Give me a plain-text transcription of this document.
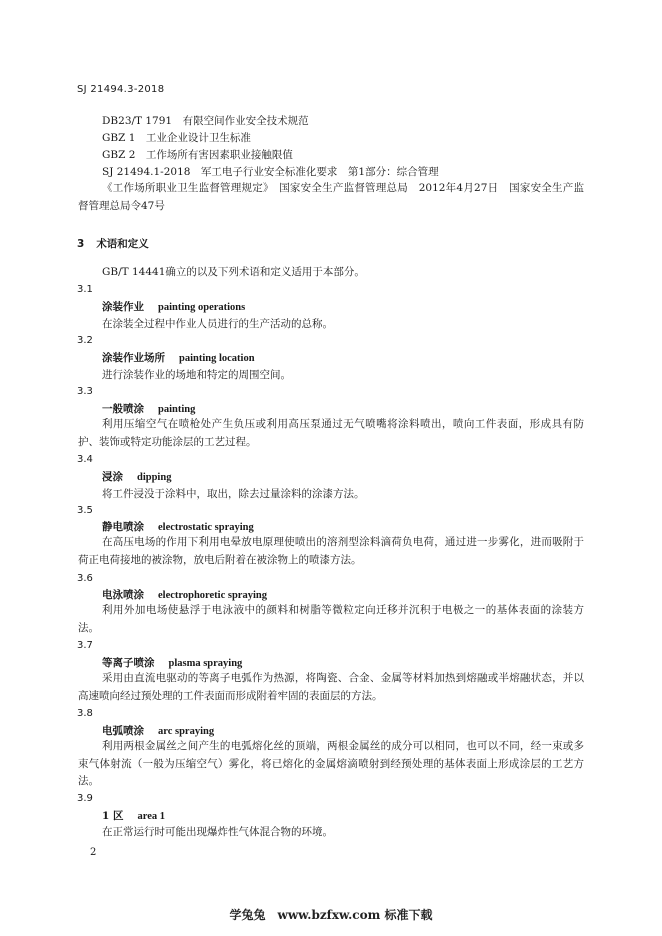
SJ 21494.3-2018
DB23/T 1791　有限空间作业安全技术规范
GBZ 1　工业企业设计卫生标准
GBZ 2　工作场所有害因素职业接触限值
SJ 21494.1-2018　军工电子行业安全标准化要求　第1部分：综合管理
《工作场所职业卫生监督管理规定》　国家安全生产监督管理总局　2012年4月27日　国家安全生产监督管理总局令47号
3 术语和定义
GB/T 14441确立的以及下列术语和定义适用于本部分。
3.1
涂装作业 painting operations
在涂装全过程中作业人员进行的生产活动的总称。
3.2
涂装作业场所 painting location
进行涂装作业的场地和特定的周围空间。
3.3
一般喷涂 painting
利用压缩空气在喷枪处产生负压或利用高压泵通过无气喷嘴将涂料喷出，喷向工件表面，形成具有防护、装饰或特定功能涂层的工艺过程。
3.4
浸涂 dipping
将工件浸没于涂料中，取出，除去过量涂料的涂漆方法。
3.5
静电喷涂 electrostatic spraying
在高压电场的作用下利用电晕放电原理使喷出的溶剂型涂料滴荷负电荷，通过进一步雾化，进而吸附于荷正电荷接地的被涂物，放电后附着在被涂物上的喷漆方法。
3.6
电泳喷涂 electrophoretic spraying
利用外加电场使悬浮于电泳液中的颜料和树脂等微粒定向迁移并沉积于电极之一的基体表面的涂装方法。
3.7
等离子喷涂 plasma spraying
采用由直流电驱动的等离子电弧作为热源，将陶瓷、合金、金属等材料加热到熔融或半熔融状态，并以高速喷向经过预处理的工件表面而形成附着牢固的表面层的方法。
3.8
电弧喷涂 arc spraying
利用两根金属丝之间产生的电弧熔化丝的顶端，两根金属丝的成分可以相同，也可以不同，经一束或多束气体射流（一般为压缩空气）雾化，将已熔化的金属熔滴喷射到经预处理的基体表面上形成涂层的工艺方法。
3.9
1 区 area 1
在正常运行时可能出现爆炸性气体混合物的环境。
2
学兔兔　www.bzfxw.com 标准下载
